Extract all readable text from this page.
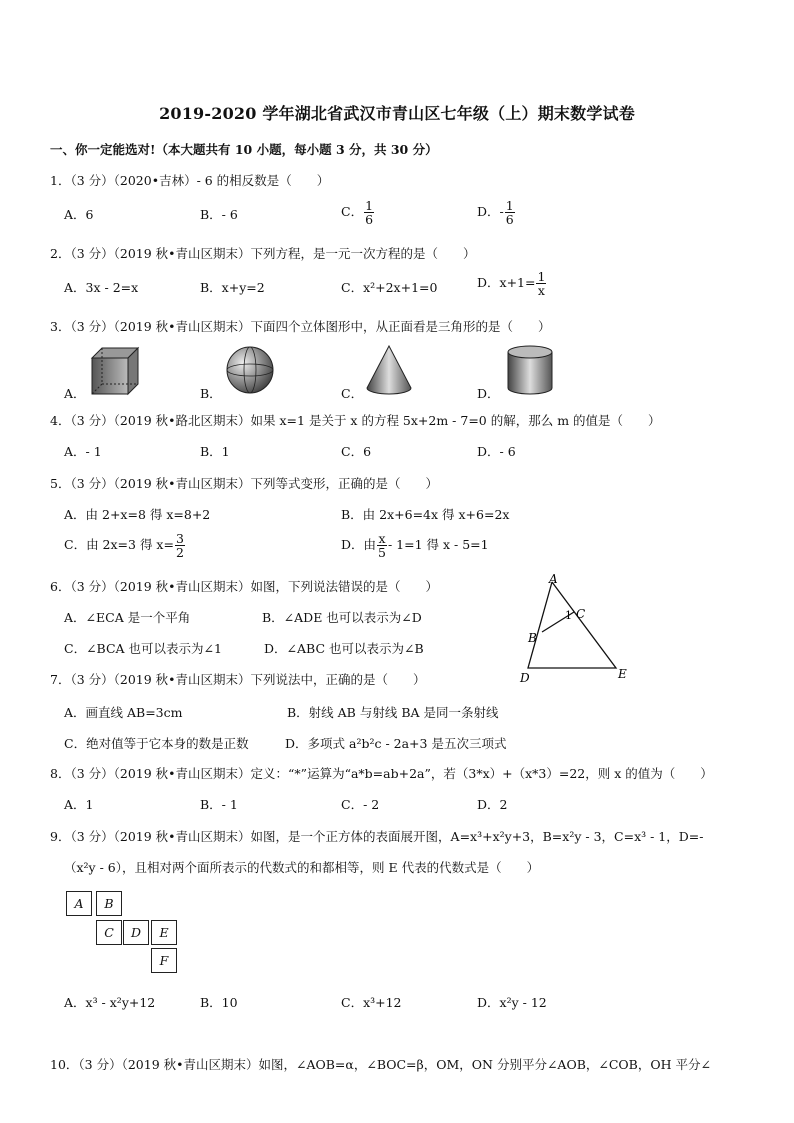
2019-2020 学年湖北省武汉市青山区七年级（上）期末数学试卷
一、你一定能选对!（本大题共有 10 小题，每小题 3 分，共 30 分）
1．（3 分）（2020•吉林）- 6 的相反数是（　　）
A．6	B．- 6	C． $\frac{1}{6}$	D．- $\frac{1}{6}$
2．（3 分）（2019 秋•青山区期末）下列方程，是一元一次方程的是（　　）
A．3x - 2=x	B．x+y=2	C．x²+2x+1=0	D．$x+1= \frac{1}{x}$
3．（3 分）（2019 秋•青山区期末）下面四个立体图形中，从正面看是三角形的是（　　）
A．	B．	C．	D．
4．（3 分）（2019 秋•路北区期末）如果 x=1 是关于 x 的方程 5x+2m - 7=0 的解，那么 m 的值是（　　）
A．- 1	B．1	C．6	D．- 6
5．（3 分）（2019 秋•青山区期末）下列等式变形，正确的是（　　）
A．由 2+x=8 得 x=8+2	B．由 2x+6=4x 得 x+6=2x
C．由 2x=3 得 $x= \frac{3}{2}$	D．由 $\frac{x}{5} - 1=1$ 得 x - 5=1
6．（3 分）（2019 秋•青山区期末）如图，下列说法错误的是（　　）
A．∠ECA 是一个平角	B．∠ADE 也可以表示为∠D
C．∠BCA 也可以表示为∠1	D．∠ABC 也可以表示为∠B
A
C
1
B
D	E
7．（3 分）（2019 秋•青山区期末）下列说法中，正确的是（　　）
A．画直线 AB=3cm	B．射线 AB 与射线 BA 是同一条射线
C．绝对值等于它本身的数是正数	D．多项式 a²b²c - 2a+3 是五次三项式
8．（3 分）（2019 秋•青山区期末）定义：“*”运算为“a*b=ab+2a”，若（3*x）+（x*3）=22，则 x 的值为（　　）
A．1	B．- 1	C．- 2	D．2
9．（3 分）（2019 秋•青山区期末）如图，是一个正方体的表面展开图，A=x³+x²y+3，B=x²y - 3，C=x³ - 1，D=-
（x²y - 6），且相对两个面所表示的代数式的和都相等，则 E 代表的代数式是（　　）
A	B
C	D	E
F
A．x³ - x²y+12	B．10	C．x³+12	D．x²y - 12
10．（3 分）（2019 秋•青山区期末）如图，∠AOB=α，∠BOC=β，OM，ON 分别平分∠AOB，∠COB，OH 平分∠
